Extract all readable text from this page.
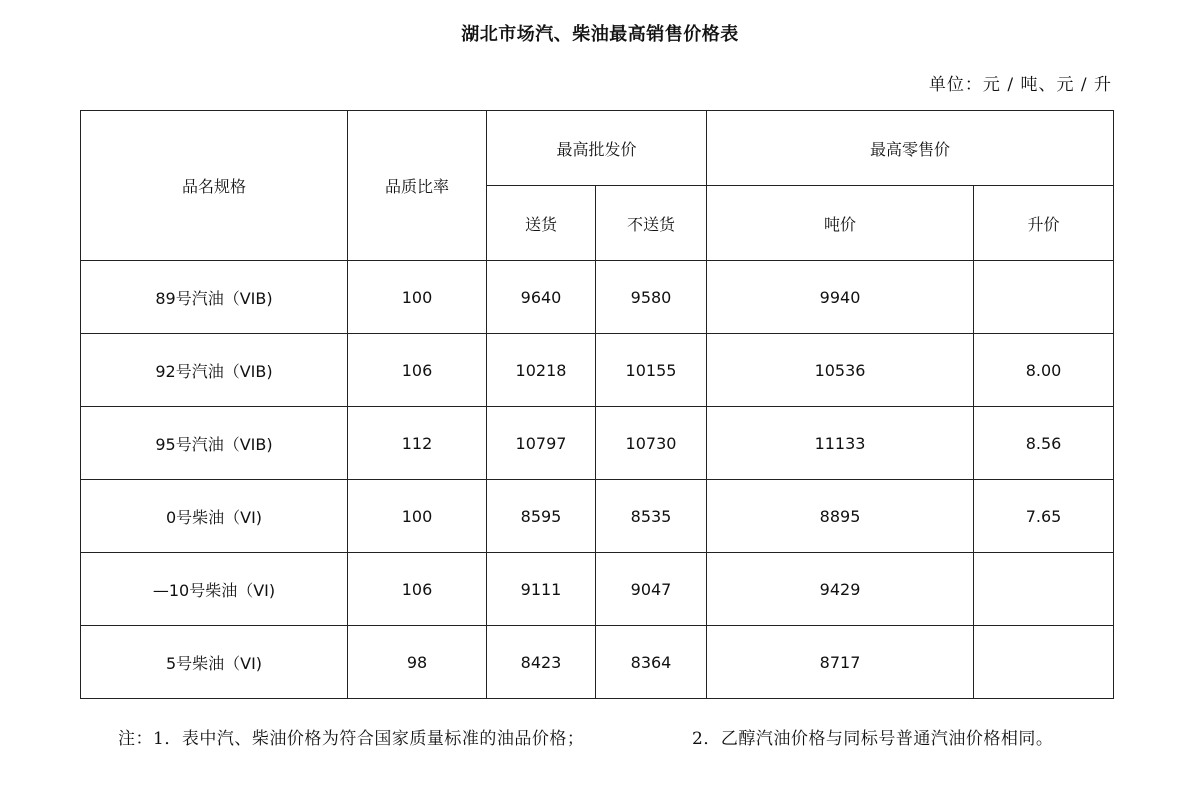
湖北市场汽、柴油最高销售价格表
单位：元 / 吨、元 / 升
品名规格	品质比率	最高批发价		最高零售价	
		送货	不送货	吨价	升价
89号汽油（VIB)	100	9640	9580	9940	
92号汽油（VIB)	106	10218	10155	10536	8.00
95号汽油（VIB)	112	10797	10730	11133	8.56
0号柴油（VI)	100	8595	8535	8895	7.65
—10号柴油（VI)	106	9111	9047	9429	
5号柴油（VI)	98	8423	8364	8717	
注：1．表中汽、柴油价格为符合国家质量标准的油品价格；	2．乙醇汽油价格与同标号普通汽油价格相同。
